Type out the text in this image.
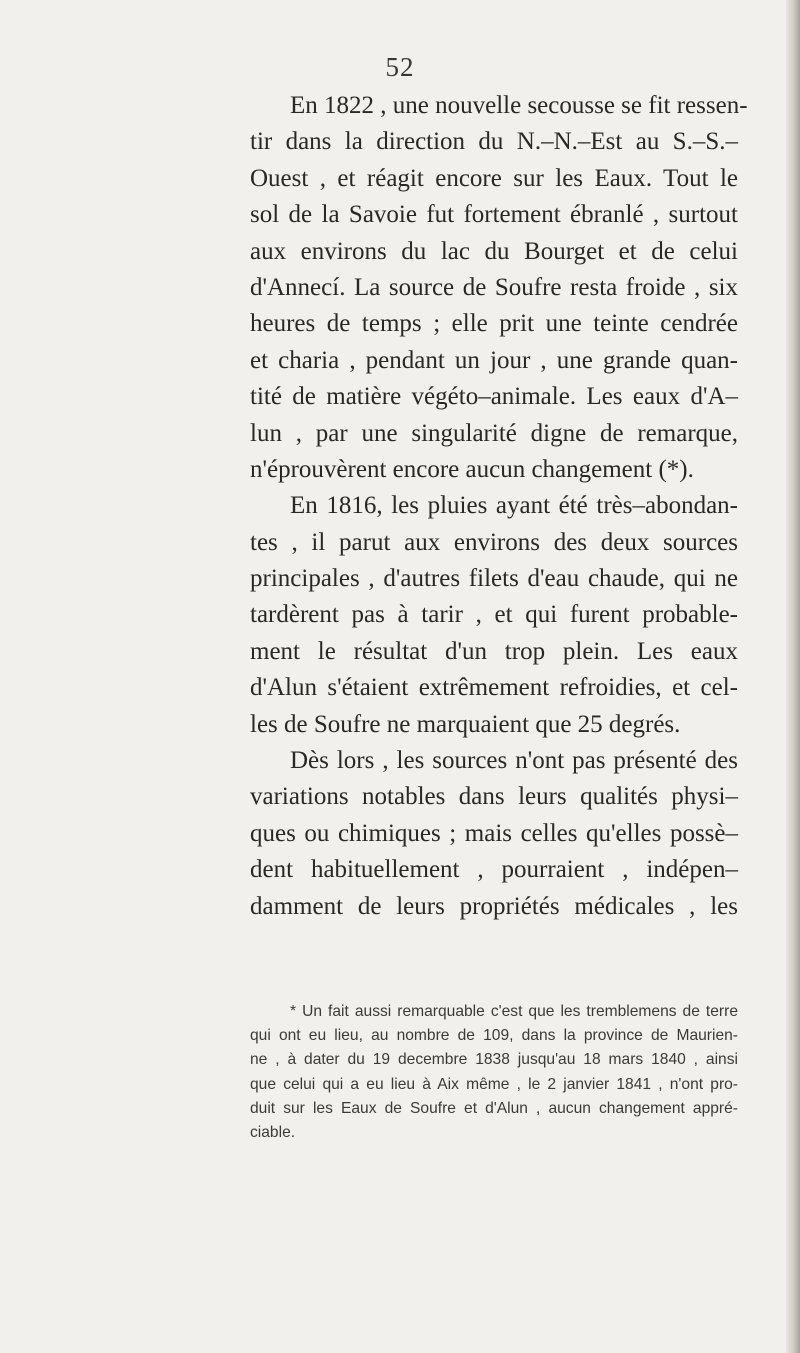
52
En 1822 , une nouvelle secousse se fit ressen-
tir dans la direction du N.–N.–Est au S.–S.–
Ouest , et réagit encore sur les Eaux. Tout le
sol de la Savoie fut fortement ébranlé , surtout
aux environs du lac du Bourget et de celui
d'Annecí. La source de Soufre resta froide , six
heures de temps ; elle prit une teinte cendrée
et charia , pendant un jour , une grande quan-
tité de matière végéto–animale. Les eaux d'A–
lun , par une singularité digne de remarque,
n'éprouvèrent encore aucun changement (*).
En 1816, les pluies ayant été très–abondan-
tes , il parut aux environs des deux sources
principales , d'autres filets d'eau chaude, qui ne
tardèrent pas à tarir , et qui furent probable-
ment le résultat d'un trop plein. Les eaux
d'Alun s'étaient extrêmement refroidies, et cel-
les de Soufre ne marquaient que 25 degrés.
Dès lors , les sources n'ont pas présenté des
variations notables dans leurs qualités physi–
ques ou chimiques ; mais celles qu'elles possè–
dent habituellement , pourraient , indépen–
damment de leurs propriétés médicales , les
* Un fait aussi remarquable c'est que les tremblemens de terre
qui ont eu lieu, au nombre de 109, dans la province de Maurien-
ne , à dater du 19 decembre 1838 jusqu'au 18 mars 1840 , ainsi
que celui qui a eu lieu à Aix même , le 2 janvier 1841 , n'ont pro-
duit sur les Eaux de Soufre et d'Alun , aucun changement appré-
ciable.
